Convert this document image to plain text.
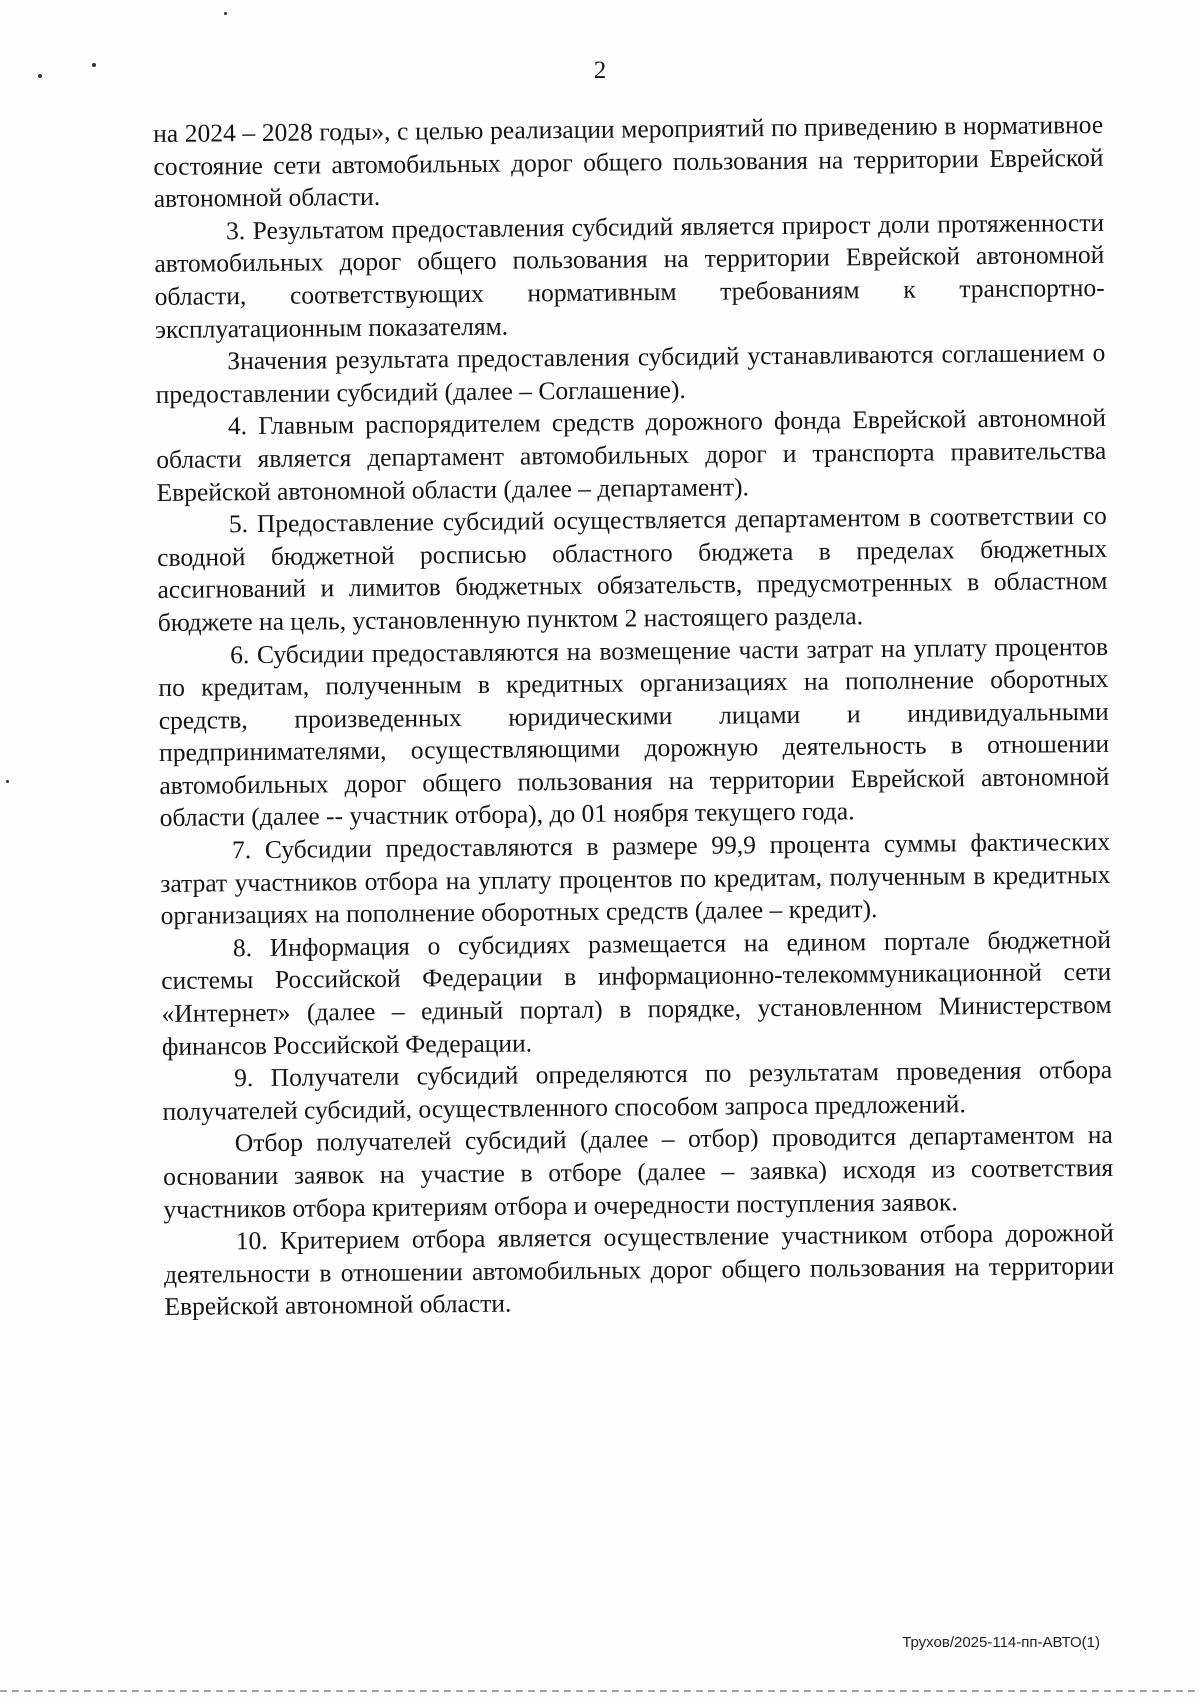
2

на 2024 – 2028 годы», с целью реализации мероприятий по приведению в нормативное состояние сети автомобильных дорог общего пользования на территории Еврейской автономной области.

3. Результатом предоставления субсидий является прирост доли протяженности автомобильных дорог общего пользования на территории Еврейской автономной области, соответствующих нормативным требованиям к транспортно-эксплуатационным показателям.

Значения результата предоставления субсидий устанавливаются соглашением о предоставлении субсидий (далее – Соглашение).

4. Главным распорядителем средств дорожного фонда Еврейской автономной области является департамент автомобильных дорог и транспорта правительства Еврейской автономной области (далее – департамент).

5. Предоставление субсидий осуществляется департаментом в соответствии со сводной бюджетной росписью областного бюджета в пределах бюджетных ассигнований и лимитов бюджетных обязательств, предусмотренных в областном бюджете на цель, установленную пунктом 2 настоящего раздела.

6. Субсидии предоставляются на возмещение части затрат на уплату процентов по кредитам, полученным в кредитных организациях на пополнение оборотных средств, произведенных юридическими лицами и индивидуальными предпринимателями, осуществляющими дорожную деятельность в отношении автомобильных дорог общего пользования на территории Еврейской автономной области (далее -- участник отбора), до 01 ноября текущего года.

7. Субсидии предоставляются в размере 99,9 процента суммы фактических затрат участников отбора на уплату процентов по кредитам, полученным в кредитных организациях на пополнение оборотных средств (далее – кредит).

8. Информация о субсидиях размещается на едином портале бюджетной системы Российской Федерации в информационно-телекоммуникационной сети «Интернет» (далее – единый портал) в порядке, установленном Министерством финансов Российской Федерации.

9. Получатели субсидий определяются по результатам проведения отбора получателей субсидий, осуществленного способом запроса предложений.

Отбор получателей субсидий (далее – отбор) проводится департаментом на основании заявок на участие в отборе (далее – заявка) исходя из соответствия участников отбора критериям отбора и очередности поступления заявок.

10. Критерием отбора является осуществление участником отбора дорожной деятельности в отношении автомобильных дорог общего пользования на территории Еврейской автономной области.

Трухов/2025-114-пп-АВТО(1)
